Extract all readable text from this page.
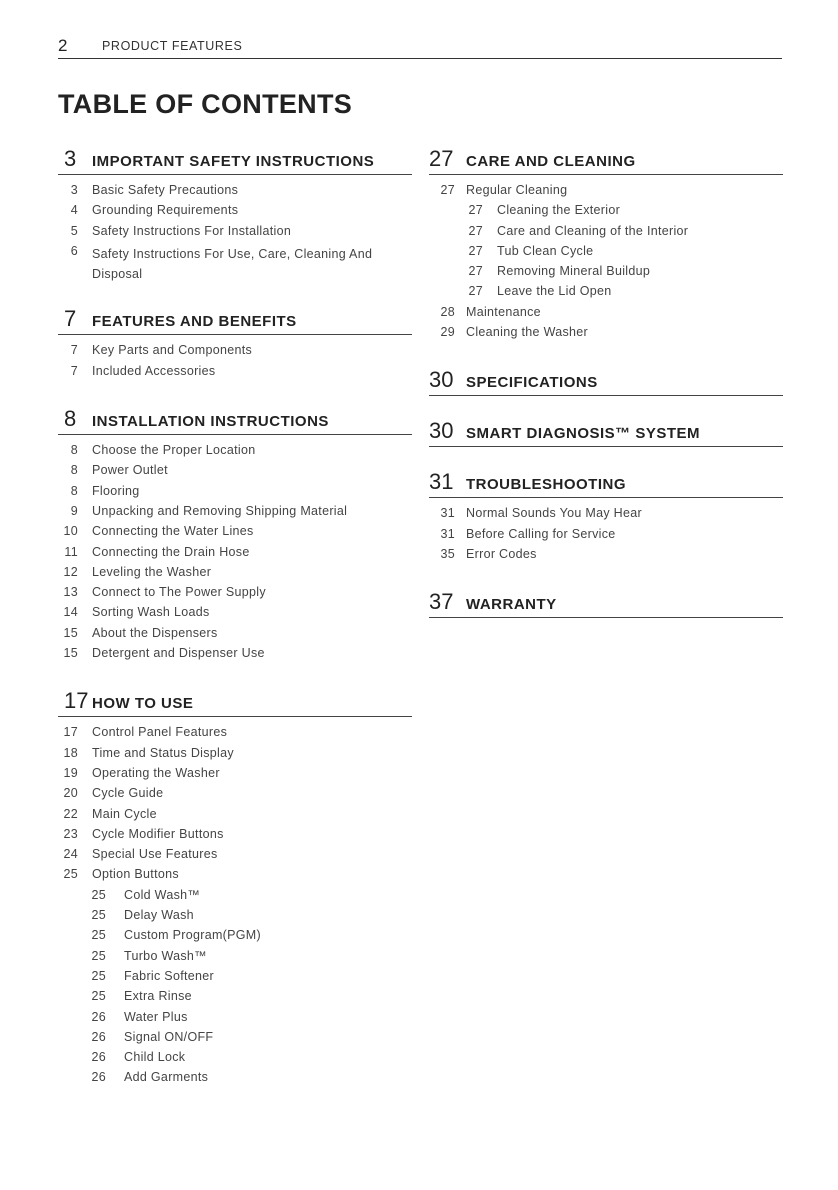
2	PRODUCT FEATURES
TABLE OF CONTENTS
3 IMPORTANT SAFETY INSTRUCTIONS
3 Basic Safety Precautions
4 Grounding Requirements
5 Safety Instructions For Installation
6 Safety Instructions For Use, Care, Cleaning And Disposal
7 FEATURES AND BENEFITS
7 Key Parts and Components
7 Included Accessories
8 INSTALLATION INSTRUCTIONS
8 Choose the Proper Location
8 Power Outlet
8 Flooring
9 Unpacking and Removing Shipping Material
10 Connecting the Water Lines
11 Connecting the Drain Hose
12 Leveling the Washer
13 Connect to The Power Supply
14 Sorting Wash Loads
15 About the Dispensers
15 Detergent and Dispenser Use
17 HOW TO USE
17 Control Panel Features
18 Time and Status Display
19 Operating the Washer
20 Cycle Guide
22 Main Cycle
23 Cycle Modifier Buttons
24 Special Use Features
25 Option Buttons
25 Cold Wash™
25 Delay Wash
25 Custom Program(PGM)
25 Turbo Wash™
25 Fabric Softener
25 Extra Rinse
26 Water Plus
26 Signal ON/OFF
26 Child Lock
26 Add Garments
27 CARE AND CLEANING
27 Regular Cleaning
27 Cleaning the Exterior
27 Care and Cleaning of the Interior
27 Tub Clean Cycle
27 Removing Mineral Buildup
27 Leave the Lid Open
28 Maintenance
29 Cleaning the Washer
30 SPECIFICATIONS
30 SMART DIAGNOSIS™ SYSTEM
31 TROUBLESHOOTING
31 Normal Sounds You May Hear
31 Before Calling for Service
35 Error Codes
37 WARRANTY
